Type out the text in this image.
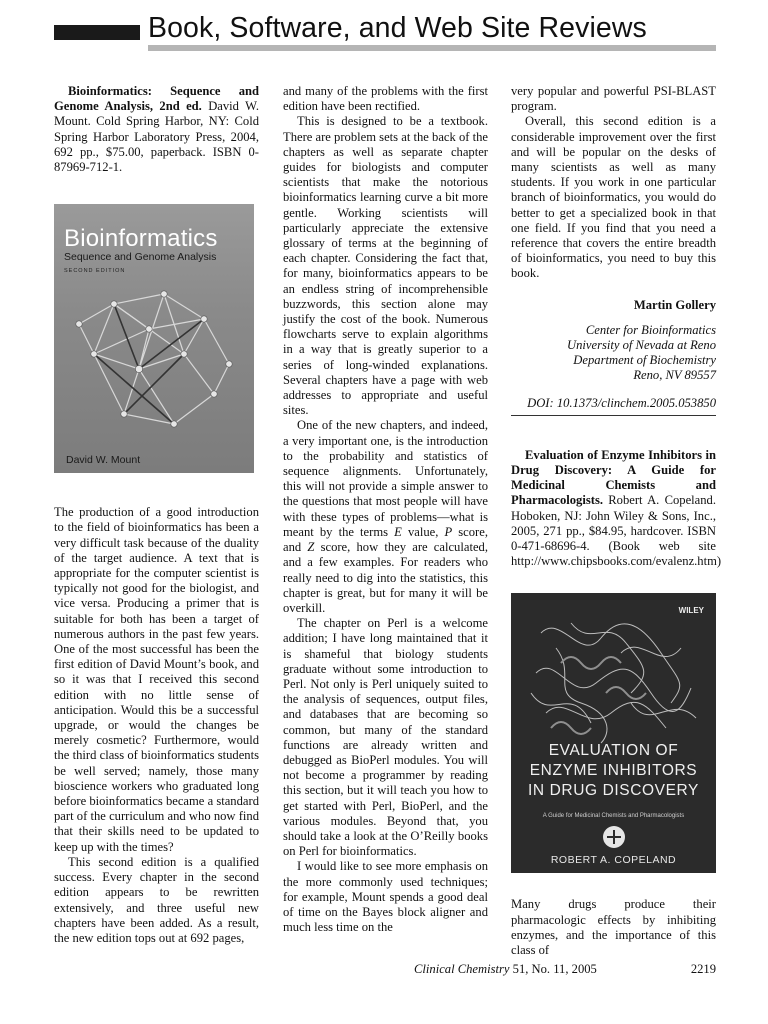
Book, Software, and Web Site Reviews

Bioinformatics: Sequence and Genome Analysis, 2nd ed. David W. Mount. Cold Spring Harbor, NY: Cold Spring Harbor Laboratory Press, 2004, 692 pp., $75.00, paperback. ISBN 0-87969-712-1.

Bioinformatics
Sequence and Genome Analysis
SECOND EDITION
David W. Mount

The production of a good introduction to the field of bioinformatics has been a very difficult task because of the duality of the target audience. A text that is appropriate for the computer scientist is typically not good for the biologist, and vice versa. Producing a primer that is suitable for both has been a target of numerous authors in the past few years. One of the most successful has been the first edition of David Mount’s book, and so it was that I received this second edition with no little sense of anticipation. Would this be a successful upgrade, or would the changes be merely cosmetic? Furthermore, would the third class of bioinformatics students be well served; namely, those many bioscience workers who graduated long before bioinformatics became a standard part of the curriculum and who now find that their skills need to be updated to keep up with the times?

This second edition is a qualified success. Every chapter in the second edition appears to be rewritten extensively, and three useful new chapters have been added. As a result, the new edition tops out at 692 pages,

and many of the problems with the first edition have been rectified.

This is designed to be a textbook. There are problem sets at the back of the chapters as well as separate chapter guides for biologists and computer scientists that make the notorious bioinformatics learning curve a bit more gentle. Working scientists will particularly appreciate the extensive glossary of terms at the beginning of each chapter. Considering the fact that, for many, bioinformatics appears to be an endless string of incomprehensible buzzwords, this section alone may justify the cost of the book. Numerous flowcharts serve to explain algorithms in a way that is greatly superior to a series of long-winded explanations. Several chapters have a page with web addresses to appropriate and useful sites.

One of the new chapters, and indeed, a very important one, is the introduction to the probability and statistics of sequence alignments. Unfortunately, this will not provide a simple answer to the questions that most people will have with these types of problems—what is meant by the terms E value, P score, and Z score, how they are calculated, and a few examples. For readers who really need to dig into the statistics, this chapter is great, but for many it will be overkill.

The chapter on Perl is a welcome addition; I have long maintained that it is shameful that biology students graduate without some introduction to Perl. Not only is Perl uniquely suited to the analysis of sequences, output files, and databases that are becoming so common, but many of the standard functions are already written and debugged as BioPerl modules. You will not become a programmer by reading this section, but it will teach you how to get started with Perl, BioPerl, and the various modules. Beyond that, you should take a look at the O’Reilly books on Perl for bioinformatics.

I would like to see more emphasis on the more commonly used techniques; for example, Mount spends a good deal of time on the Bayes block aligner and much less time on the

very popular and powerful PSI-BLAST program.

Overall, this second edition is a considerable improvement over the first and will be popular on the desks of many scientists as well as many students. If you work in one particular branch of bioinformatics, you would do better to get a specialized book in that one field. If you find that you need a reference that covers the entire breadth of bioinformatics, you need to buy this book.

Martin Gollery
Center for Bioinformatics
University of Nevada at Reno
Department of Biochemistry
Reno, NV 89557
DOI: 10.1373/clinchem.2005.053850

Evaluation of Enzyme Inhibitors in Drug Discovery: A Guide for Medicinal Chemists and Pharmacologists. Robert A. Copeland. Hoboken, NJ: John Wiley & Sons, Inc., 2005, 271 pp., $84.95, hardcover. ISBN 0-471-68696-4. (Book web site http://www.chipsbooks.com/evalenz.htm)

WILEY
EVALUATION OF
ENZYME INHIBITORS
IN DRUG DISCOVERY
A Guide for Medicinal Chemists and Pharmacologists
ROBERT A. COPELAND

Many drugs produce their pharmacologic effects by inhibiting enzymes, and the importance of this class of

Clinical Chemistry 51, No. 11, 2005	2219
